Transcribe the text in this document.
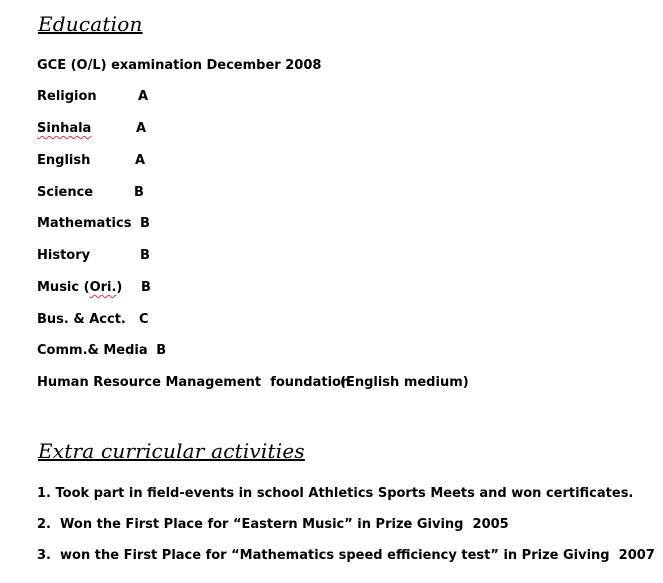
Education
GCE (O/L) examination December 2008
Religion	A
Sinhala	A
English	A
Science	B
Mathematics B
History	B
Music (Ori.) B
Bus. & Acct. C
Comm.& Media B
Human Resource Management  foundation
(English medium)
Extra curricular activities
1. Took part in field-events in school Athletics Sports Meets and won certificates.
2.  Won the First Place for “Eastern Music” in Prize Giving  2005
3.  won the First Place for “Mathematics speed efficiency test” in Prize Giving  2007
